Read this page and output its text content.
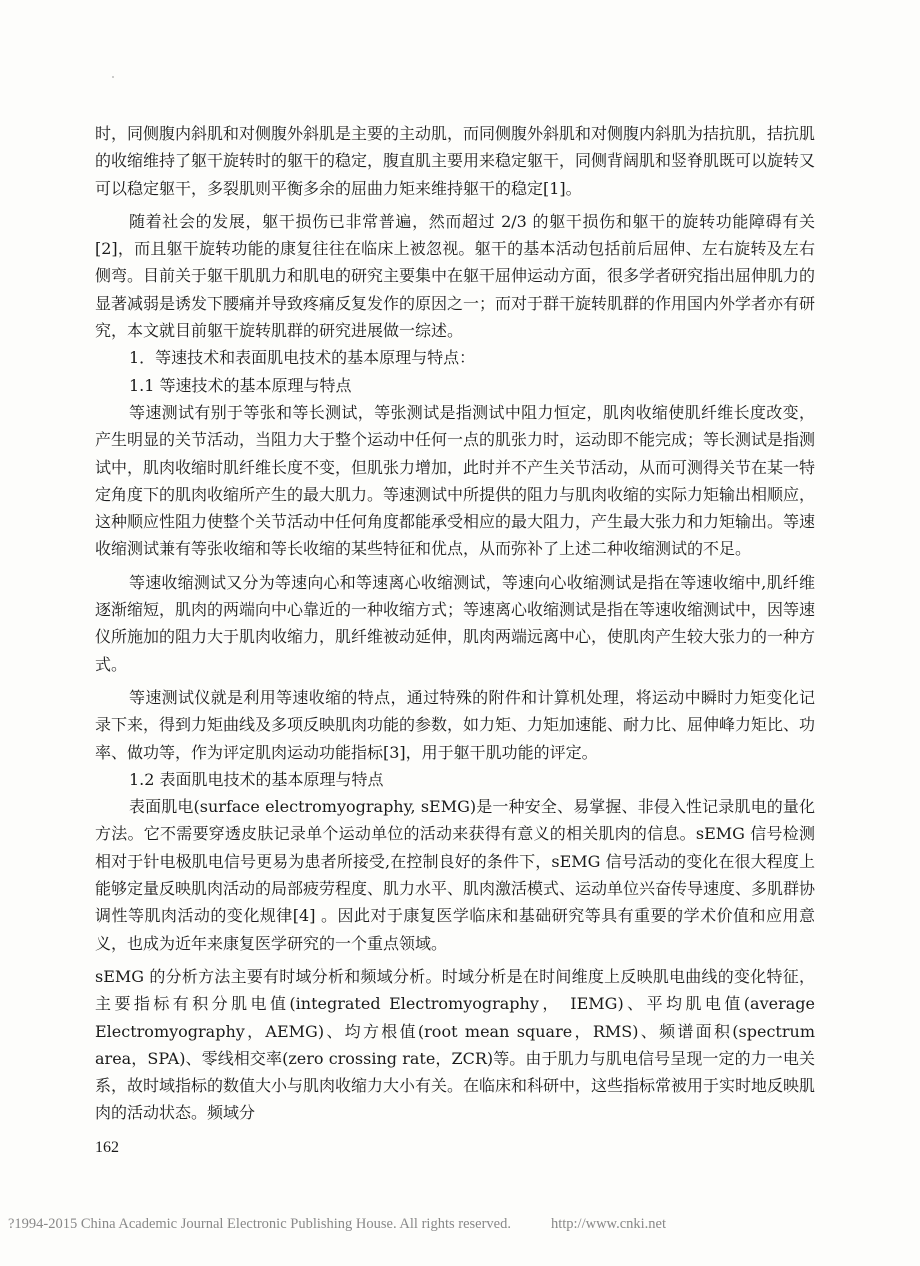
时，同侧腹内斜肌和对侧腹外斜肌是主要的主动肌，而同侧腹外斜肌和对侧腹内斜肌为拮抗肌，拮抗肌的收缩维持了躯干旋转时的躯干的稳定，腹直肌主要用来稳定躯干，同侧背阔肌和竖脊肌既可以旋转又可以稳定躯干，多裂肌则平衡多余的屈曲力矩来维持躯干的稳定[1]。

随着社会的发展，躯干损伤已非常普遍，然而超过 2/3 的躯干损伤和躯干的旋转功能障碍有关[2]，而且躯干旋转功能的康复往往在临床上被忽视。躯干的基本活动包括前后屈伸、左右旋转及左右侧弯。目前关于躯干肌肌力和肌电的研究主要集中在躯干屈伸运动方面，很多学者研究指出屈伸肌力的显著减弱是诱发下腰痛并导致疼痛反复发作的原因之一；而对于群干旋转肌群的作用国内外学者亦有研究，本文就目前躯干旋转肌群的研究进展做一综述。

1．等速技术和表面肌电技术的基本原理与特点：

1.1 等速技术的基本原理与特点

等速测试有别于等张和等长测试，等张测试是指测试中阻力恒定，肌肉收缩使肌纤维长度改变，产生明显的关节活动，当阻力大于整个运动中任何一点的肌张力时，运动即不能完成；等长测试是指测试中，肌肉收缩时肌纤维长度不变，但肌张力增加，此时并不产生关节活动，从而可测得关节在某一特定角度下的肌肉收缩所产生的最大肌力。等速测试中所提供的阻力与肌肉收缩的实际力矩输出相顺应，这种顺应性阻力使整个关节活动中任何角度都能承受相应的最大阻力，产生最大张力和力矩输出。等速收缩测试兼有等张收缩和等长收缩的某些特征和优点，从而弥补了上述二种收缩测试的不足。

等速收缩测试又分为等速向心和等速离心收缩测试，等速向心收缩测试是指在等速收缩中,肌纤维逐渐缩短，肌肉的两端向中心靠近的一种收缩方式；等速离心收缩测试是指在等速收缩测试中，因等速仪所施加的阻力大于肌肉收缩力，肌纤维被动延伸，肌肉两端远离中心，使肌肉产生较大张力的一种方式。

等速测试仪就是利用等速收缩的特点，通过特殊的附件和计算机处理，将运动中瞬时力矩变化记录下来，得到力矩曲线及多项反映肌肉功能的参数，如力矩、力矩加速能、耐力比、屈伸峰力矩比、功率、做功等，作为评定肌肉运动功能指标[3]，用于躯干肌功能的评定。

1.2 表面肌电技术的基本原理与特点

表面肌电(surface electromyography, sEMG)是一种安全、易掌握、非侵入性记录肌电的量化方法。它不需要穿透皮肤记录单个运动单位的活动来获得有意义的相关肌肉的信息。sEMG 信号检测相对于针电极肌电信号更易为患者所接受,在控制良好的条件下，sEMG 信号活动的变化在很大程度上能够定量反映肌肉活动的局部疲劳程度、肌力水平、肌肉激活模式、运动单位兴奋传导速度、多肌群协调性等肌肉活动的变化规律[4] 。因此对于康复医学临床和基础研究等具有重要的学术价值和应用意义，也成为近年来康复医学研究的一个重点领域。

sEMG 的分析方法主要有时域分析和频域分析。时域分析是在时间维度上反映肌电曲线的变化特征，主要指标有积分肌电值(integrated Electromyography， IEMG)、平均肌电值(average Electromyography，AEMG)、均方根值(root mean square，RMS)、频谱面积(spectrum area，SPA)、零线相交率(zero crossing rate，ZCR)等。由于肌力与肌电信号呈现一定的力一电关系，故时域指标的数值大小与肌肉收缩力大小有关。在临床和科研中，这些指标常被用于实时地反映肌肉的活动状态。频域分

162
?1994-2015 China Academic Journal Electronic Publishing House. All rights reserved.	http://www.cnki.net
